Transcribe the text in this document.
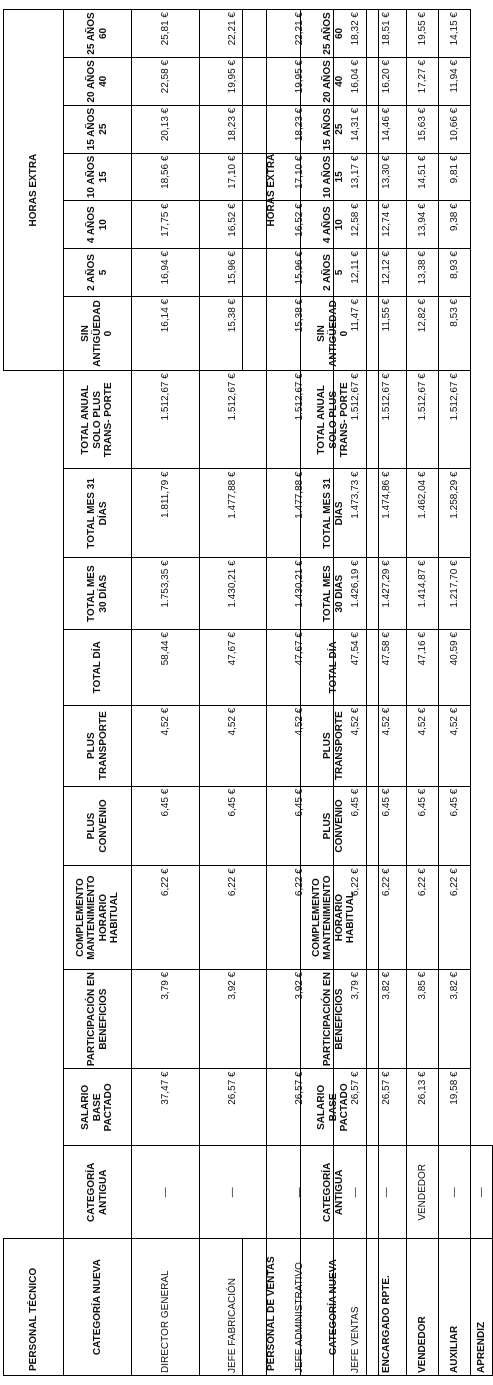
PERSONAL TÉCNICO											HORAS EXTRA						
CATEGORÍA NUEVA	CATEGORÍA ANTIGUA	SALARIO BASE PACTADO	PARTICIPACIÓN EN BENEFICIOS	COMPLEMENTO MANTENIMIENTO HORARIO HABITUAL	PLUS CONVENIO	PLUS TRANSPORTE	TOTAL DÍA	TOTAL MES 30 DÍAS	TOTAL MES 31 DÍAS	TOTAL ANUAL SOLO PLUS TRANS- PORTE	SIN ANTIGÜEDAD 0	2 AÑOS 5	4 AÑOS 10	10 AÑOS 15	15 AÑOS 25	20 AÑOS 40	25 AÑOS 60
DIRECTOR GENERAL	—	37,47 €	3,79 €	6,22 €	6,45 €	4,52 €	58,44 €	1.753,35 €	1.811,79 €	1.512,67 €	16,14 €	16,94 €	17,75 €	18,56 €	20,13 €	22,58 €	25,81 €
JEFE FABRICACIÓN	—	26,57 €	3,92 €	6,22 €	6,45 €	4,52 €	47,67 €	1.430,21 €	1.477,88 €	1.512,67 €	15,38 €	15,96 €	16,52 €	17,10 €	18,23 €	19,95 €	22,21 €
JEFE ADMINISTRATIVO	—	26,57 €	3,92 €	6,22 €	6,45 €	4,52 €	47,67 €	1.430,21 €	1.477,88 €	1.512,67 €	15,38 €	15,96 €	16,52 €	17,10 €	18,23 €	19,95 €	22,21 €
JEFE VENTAS	—	26,57 €	3,79 €	6,22 €	6,45 €	4,52 €	47,54 €	1.426,19 €	1.473,73 €	1.512,67 €	11,47 €	12,11 €	12,58 €	13,17 €	14,31 €	16,04 €	18,32 €
PERSONAL DE VENTAS											HORAS EXTRA						
CATEGORÍA NUEVA	CATEGORÍA ANTIGUA	SALARIO BASE PACTADO	PARTICIPACIÓN EN BENEFICIOS	COMPLEMENTO MANTENIMIENTO HORARIO HABITUAL	PLUS CONVENIO	PLUS TRANSPORTE	TOTAL DÍA	TOTAL MES 30 DÍAS	TOTAL MES 31 DÍAS	TOTAL ANUAL SOLO PLUS TRANS- PORTE	SIN ANTIGÜEDAD 0	2 AÑOS 5	4 AÑOS 10	10 AÑOS 15	15 AÑOS 25	20 AÑOS 40	25 AÑOS 60
ENCARGADO RPTE.	—	26,57 €	3,82 €	6,22 €	6,45 €	4,52 €	47,58 €	1.427,29 €	1.474,86 €	1.512,67 €	11,55 €	12,12 €	12,74 €	13,30 €	14,46 €	16,20 €	18,51 €
VENDEDOR	VENDEDOR	26,13 €	3,85 €	6,22 €	6,45 €	4,52 €	47,16 €	1.414,87 €	1.462,04 €	1.512,67 €	12,82 €	13,38 €	13,94 €	14,51 €	15,63 €	17,27 €	19,55 €
AUXILIAR	—	19,58 €	3,82 €	6,22 €	6,45 €	4,52 €	40,59 €	1.217,70 €	1.258,29 €	1.512,67 €	8,53 €	8,93 €	9,38 €	9,81 €	10,66 €	11,94 €	14,15 €
APRENDIZ	—																
